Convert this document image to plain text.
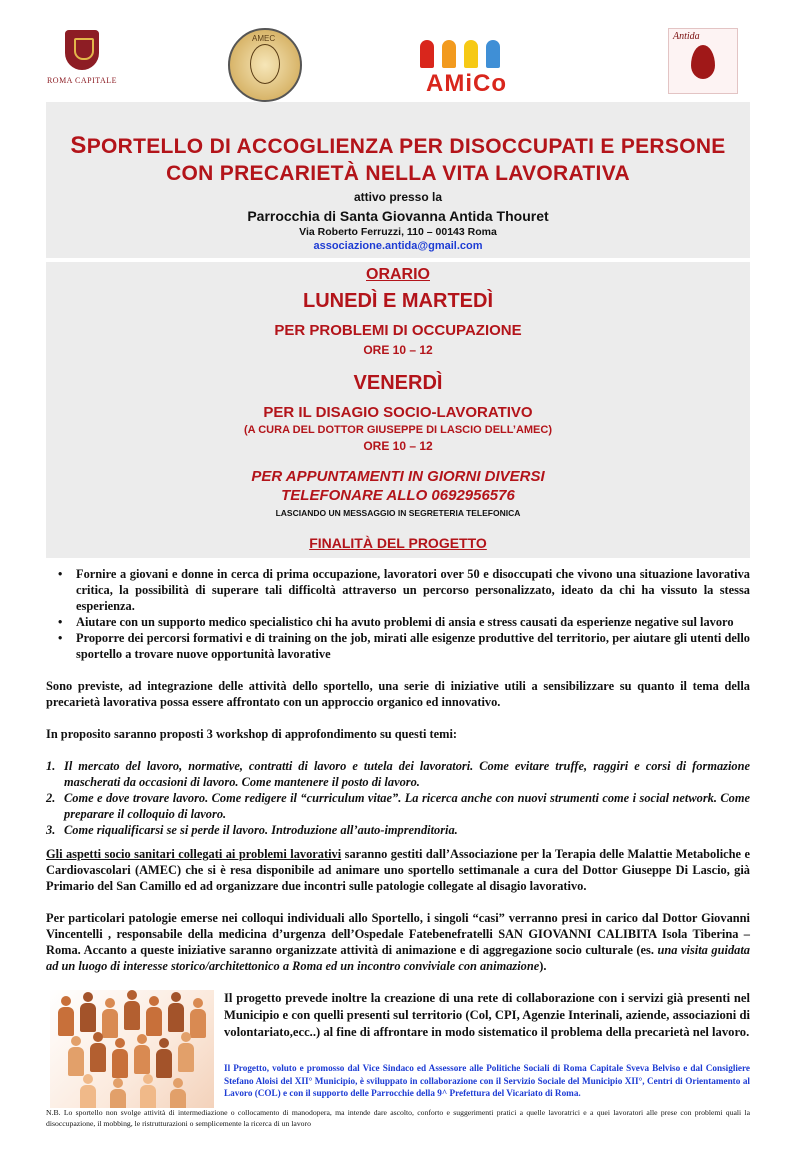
ROMA CAPITALE
AMEC
AMiCo
Antida
SPORTELLO DI ACCOGLIENZA PER DISOCCUPATI E PERSONE
CON PRECARIETÀ NELLA VITA LAVORATIVA
attivo presso la
Parrocchia di Santa Giovanna Antida Thouret
Via Roberto Ferruzzi, 110 – 00143 Roma
associazione.antida@gmail.com
ORARIO
LUNEDÌ E MARTEDÌ
PER PROBLEMI DI OCCUPAZIONE
ORE 10 – 12
VENERDÌ
PER IL DISAGIO SOCIO-LAVORATIVO
(A CURA DEL DOTTOR GIUSEPPE DI LASCIO DELL’AMEC)
ORE 10 – 12
PER APPUNTAMENTI IN GIORNI DIVERSI
TELEFONARE ALLO 0692956576
LASCIANDO UN MESSAGGIO IN SEGRETERIA TELEFONICA
FINALITÀ DEL PROGETTO
• Fornire a giovani e donne in cerca di prima occupazione, lavoratori over 50 e disoccupati che vivono una situazione lavorativa critica, la possibilità di superare tali difficoltà attraverso un percorso personalizzato, ideato da chi ha vissuto la stessa esperienza.
• Aiutare con un supporto medico specialistico chi ha avuto problemi di ansia e stress causati da esperienze negative sul lavoro
• Proporre dei percorsi formativi e di training on the job, mirati alle esigenze produttive del territorio, per aiutare gli utenti dello sportello a trovare nuove opportunità lavorative
Sono previste, ad integrazione delle attività dello sportello, una serie di iniziative utili a sensibilizzare su quanto il tema della precarietà lavorativa possa essere affrontato con un approccio organico ed innovativo.
In proposito saranno proposti 3 workshop di approfondimento su questi temi:
1. Il mercato del lavoro, normative, contratti di lavoro e tutela dei lavoratori. Come evitare truffe, raggiri e corsi di formazione mascherati da occasioni di lavoro. Come mantenere il posto di lavoro.
2. Come e dove trovare lavoro. Come redigere il “curriculum vitae”. La ricerca anche con nuovi strumenti come i social network. Come preparare il colloquio di lavoro.
3. Come riqualificarsi se si perde il lavoro. Introduzione all’auto-imprenditoria.
Gli aspetti socio sanitari collegati ai problemi lavorativi saranno gestiti dall’Associazione per la Terapia delle Malattie Metaboliche e Cardiovascolari (AMEC) che si è resa disponibile ad animare uno sportello settimanale a cura del Dottor Giuseppe Di Lascio, già Primario del San Camillo ed ad organizzare due incontri sulle patologie collegate al disagio lavorativo.
Per particolari patologie emerse nei colloqui individuali allo Sportello, i singoli “casi” verranno presi in carico dal Dottor Giovanni Vincentelli , responsabile della medicina d’urgenza dell’Ospedale Fatebenefratelli SAN GIOVANNI CALIBITA Isola Tiberina – Roma. Accanto a queste iniziative saranno organizzate attività di animazione e di aggregazione socio culturale (es. una visita guidata ad un luogo di interesse storico/architettonico a Roma ed un incontro conviviale con animazione).
Il progetto prevede inoltre la creazione di una rete di collaborazione con i servizi già presenti nel Municipio e con quelli presenti sul territorio (Col, CPI, Agenzie Interinali, aziende, associazioni di volontariato,ecc..) al fine di affrontare in modo sistematico il problema della precarietà nel lavoro.
Il Progetto, voluto e promosso dal Vice Sindaco ed Assessore alle Politiche Sociali di Roma Capitale Sveva Belviso e dal Consigliere Stefano Aloisi del XII° Municipio, è sviluppato in collaborazione con il Servizio Sociale del Municipio XII°, Centri di Orientamento al Lavoro (COL) e con il supporto delle Parrocchie della 9^ Prefettura del Vicariato di Roma.
N.B. Lo sportello non svolge attività di intermediazione o collocamento di manodopera, ma intende dare ascolto, conforto e suggerimenti pratici a quelle lavoratrici e a quei lavoratori alle prese con problemi quali la disoccupazione, il mobbing, le ristrutturazioni o semplicemente la ricerca di un lavoro
